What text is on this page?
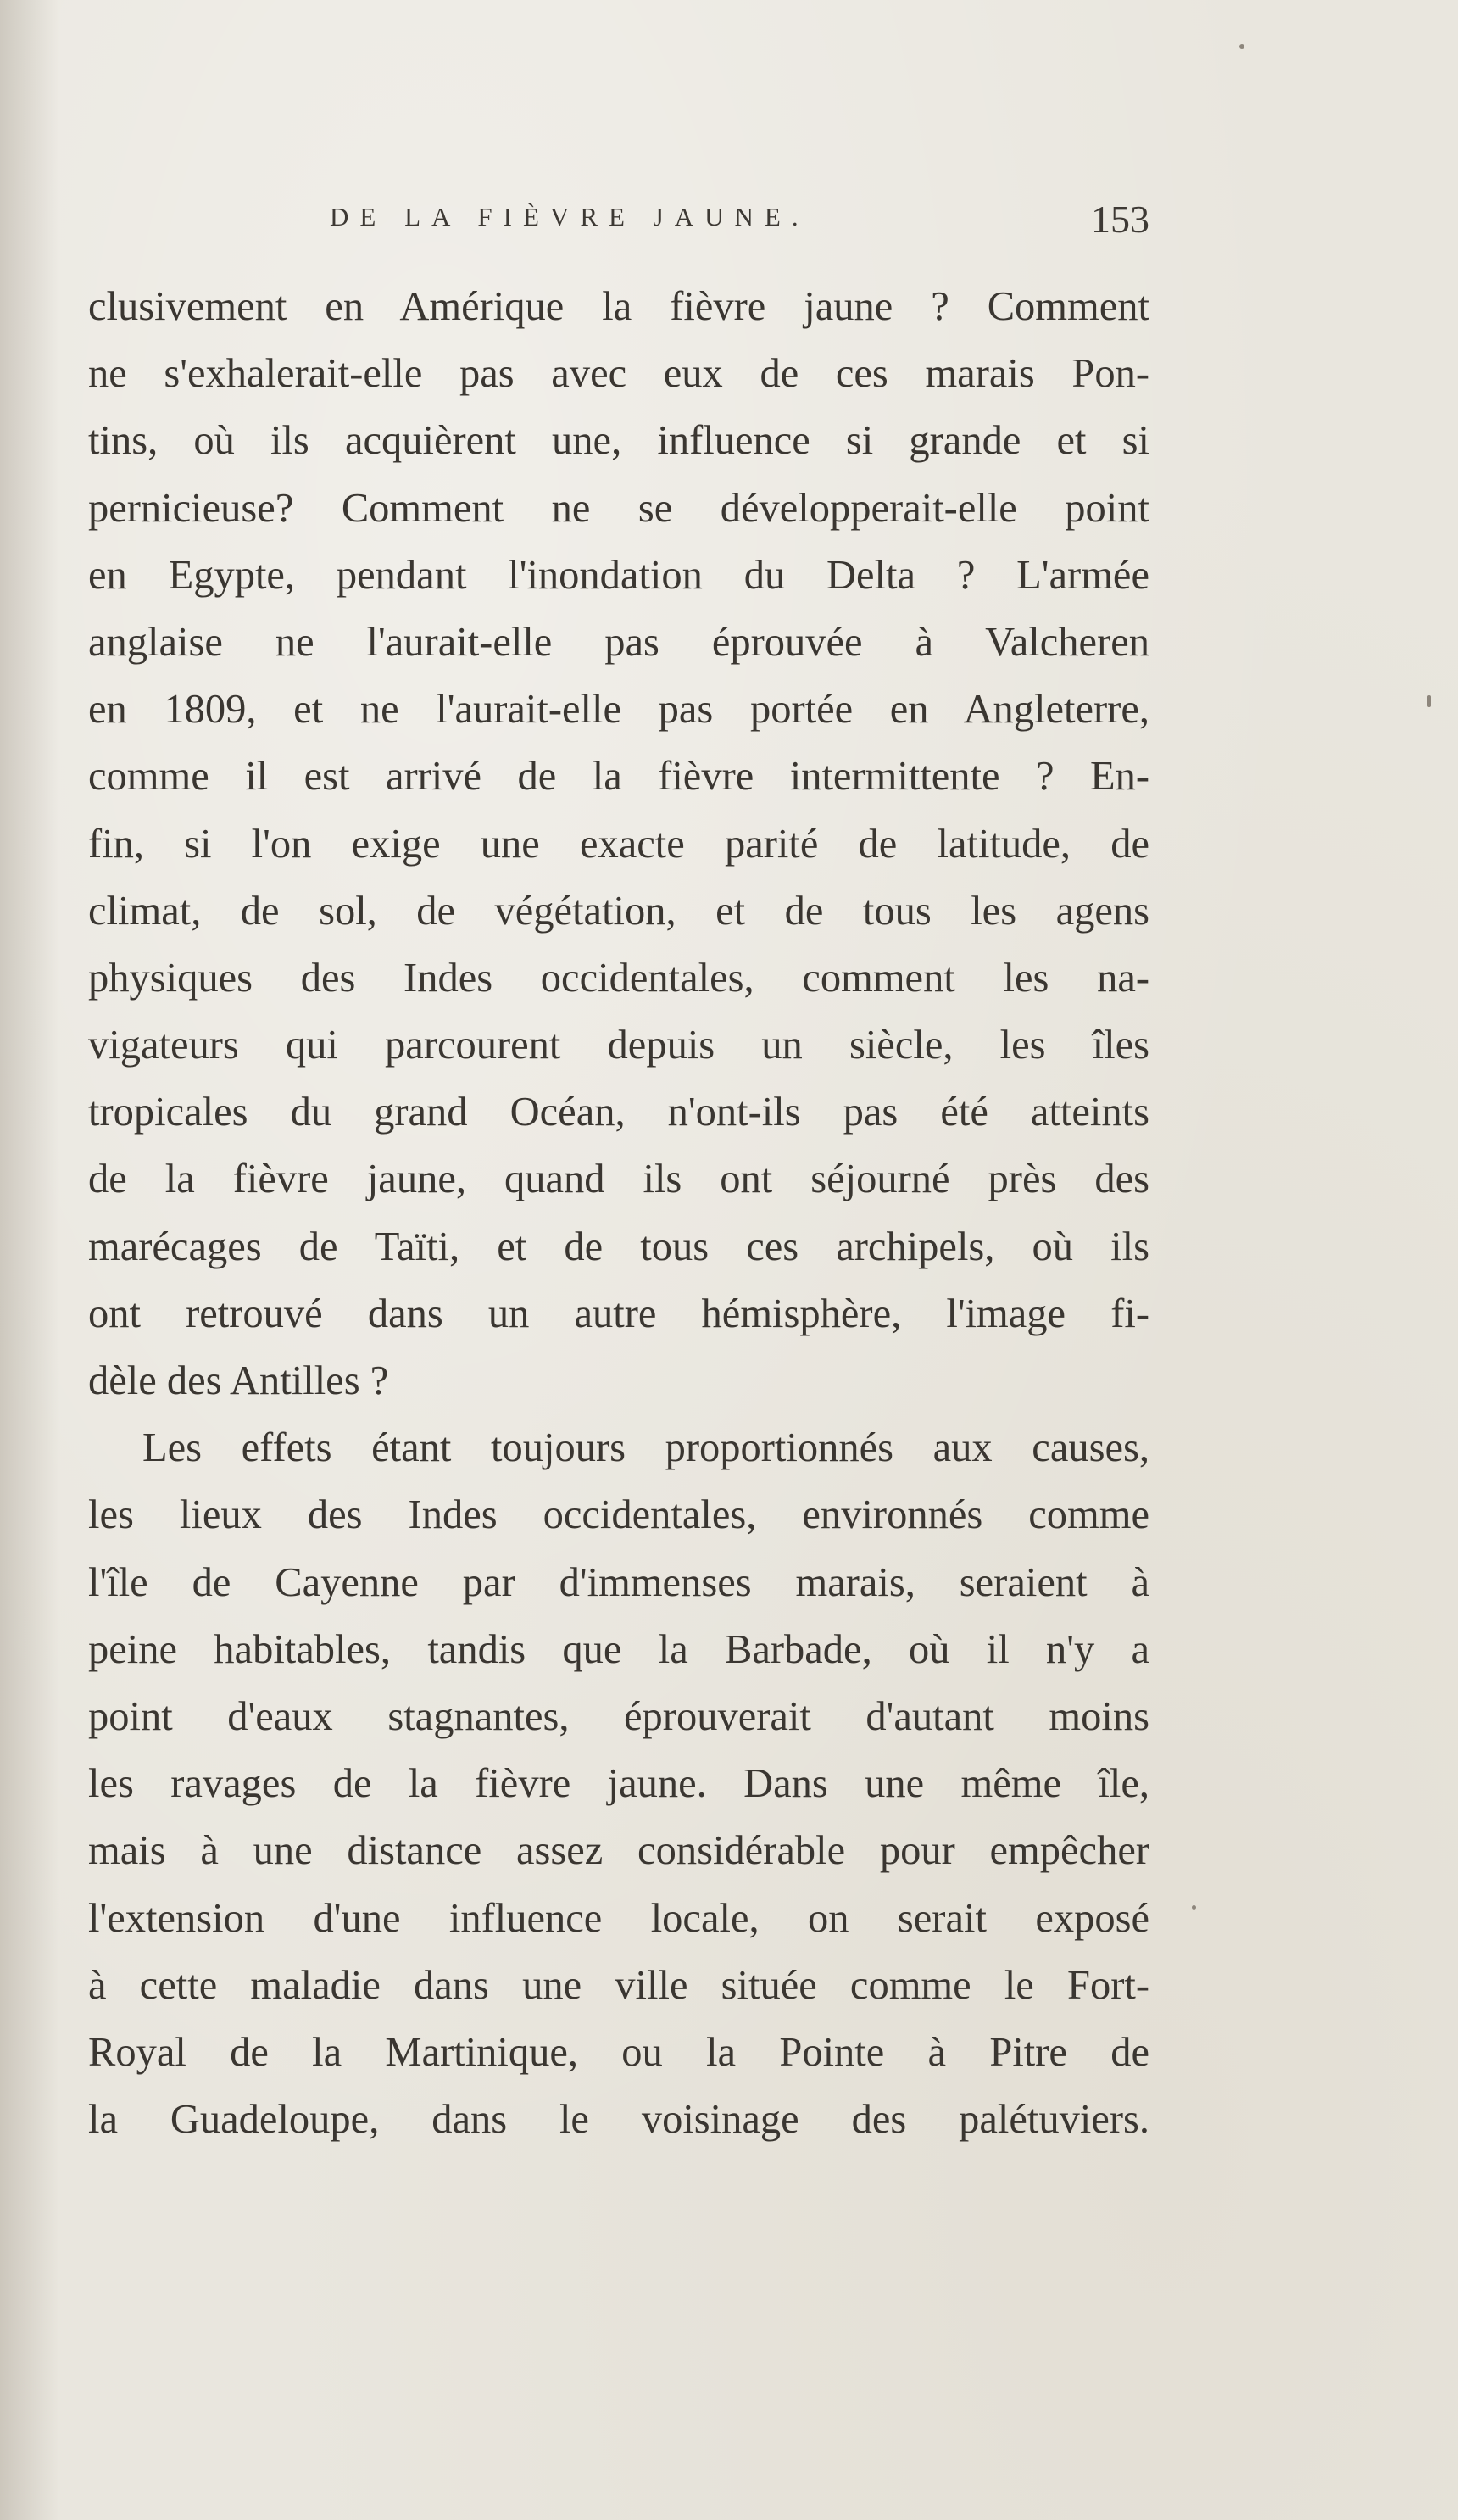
DE LA FIÈVRE JAUNE.	153
clusivement en Amérique la fièvre jaune ? Comment
ne s'exhalerait-elle pas avec eux de ces marais Pon-
tins, où ils acquièrent une, influence si grande et si
pernicieuse? Comment ne se développerait-elle point
en Egypte, pendant l'inondation du Delta ? L'armée
anglaise ne l'aurait-elle pas éprouvée à Valcheren
en 1809, et ne l'aurait-elle pas portée en Angleterre,
comme il est arrivé de la fièvre intermittente ? En-
fin, si l'on exige une exacte parité de latitude, de
climat, de sol, de végétation, et de tous les agens
physiques des Indes occidentales, comment les na-
vigateurs qui parcourent depuis un siècle, les îles
tropicales du grand Océan, n'ont-ils pas été atteints
de la fièvre jaune, quand ils ont séjourné près des
marécages de Taïti, et de tous ces archipels, où ils
ont retrouvé dans un autre hémisphère, l'image fi-
dèle des Antilles ?
Les effets étant toujours proportionnés aux causes,
les lieux des Indes occidentales, environnés comme
l'île de Cayenne par d'immenses marais, seraient à
peine habitables, tandis que la Barbade, où il n'y a
point d'eaux stagnantes, éprouverait d'autant moins
les ravages de la fièvre jaune. Dans une même île,
mais à une distance assez considérable pour empêcher
l'extension d'une influence locale, on serait exposé
à cette maladie dans une ville située comme le Fort-
Royal de la Martinique, ou la Pointe à Pitre de
la Guadeloupe, dans le voisinage des palétuviers.
